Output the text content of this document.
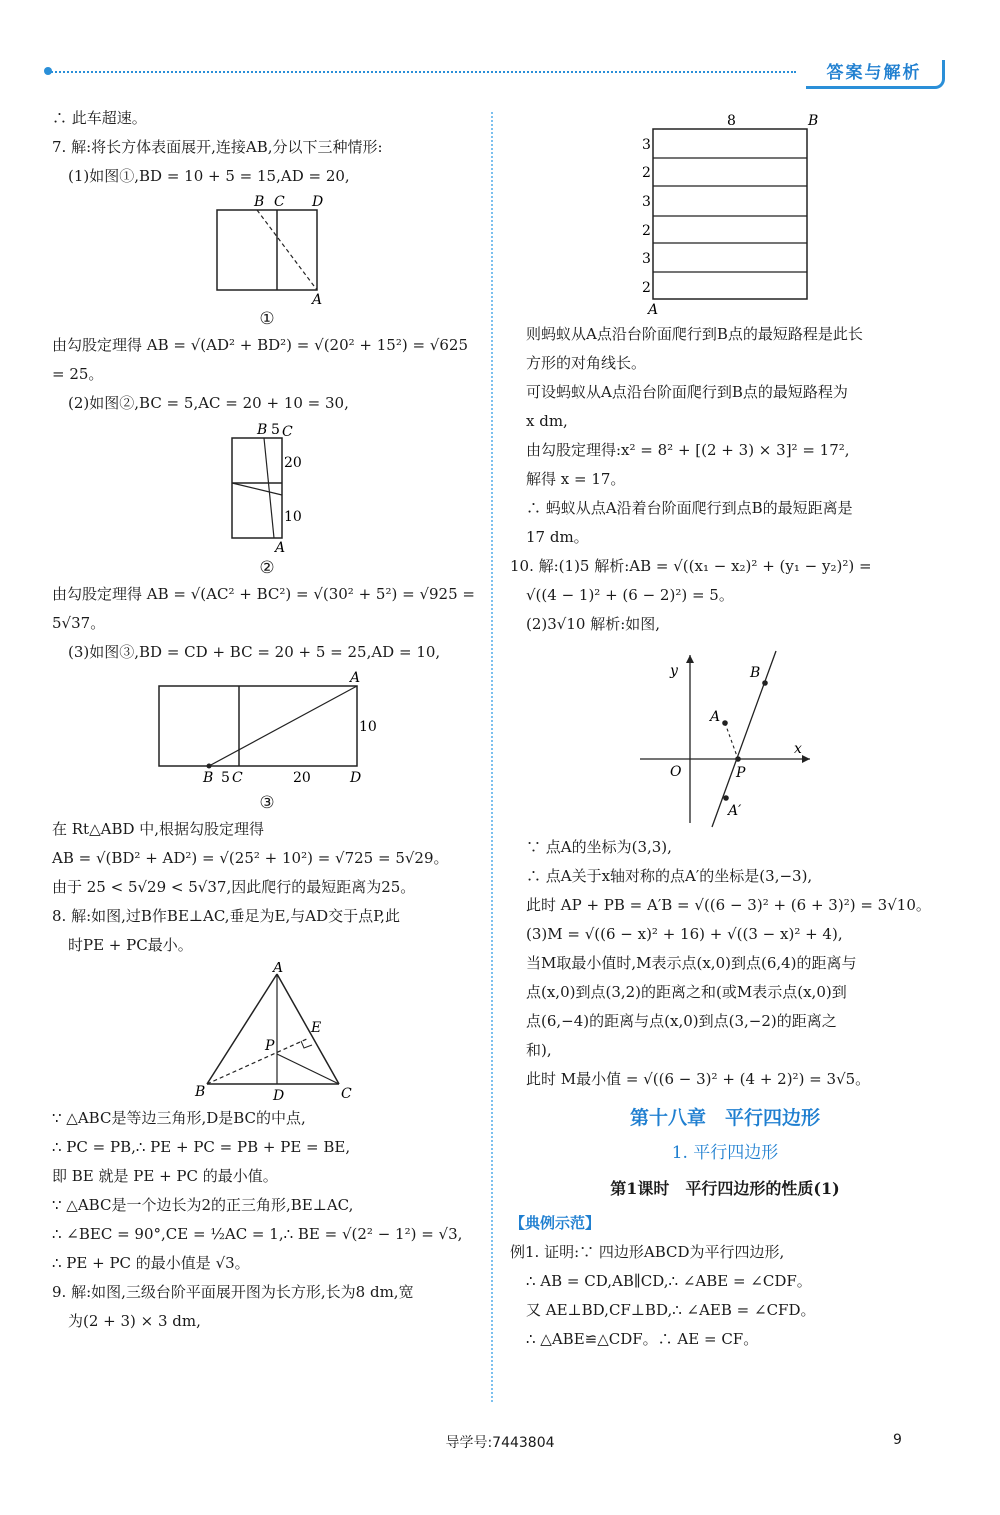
答案与解析
∴ 此车超速。
7. 解:将长方体表面展开,连接AB,分以下三种情形:
(1)如图①,BD = 10 + 5 = 15,AD = 20,
B C D
A
①
由勾股定理得 AB = √(AD² + BD²) = √(20² + 15²) = √625
= 25。
(2)如图②,BC = 5,AC = 20 + 10 = 30,
B 5 C
20
10
A
②
由勾股定理得 AB = √(AC² + BC²) = √(30² + 5²) = √925 =
5√37。
(3)如图③,BD = CD + BC = 20 + 5 = 25,AD = 10,
A
10
B 5 C	20	D
③
在 Rt△ABD 中,根据勾股定理得
AB = √(BD² + AD²) = √(25² + 10²) = √725 = 5√29。
由于 25 < 5√29 < 5√37,因此爬行的最短距离为25。
8. 解:如图,过B作BE⊥AC,垂足为E,与AD交于点P,此
时PE + PC最小。
A
E
P
B	D	C
∵ △ABC是等边三角形,D是BC的中点,
∴ PC = PB,∴ PE + PC = PB + PE = BE,
即 BE 就是 PE + PC 的最小值。
∵ △ABC是一个边长为2的正三角形,BE⊥AC,
∴ ∠BEC = 90°,CE = ½AC = 1,∴ BE = √(2² − 1²) = √3,
∴ PE + PC 的最小值是 √3。
9. 解:如图,三级台阶平面展开图为长方形,长为8 dm,宽
为(2 + 3) × 3 dm,
8	B
3
2
3
2
3
2
A
则蚂蚁从A点沿台阶面爬行到B点的最短路程是此长
方形的对角线长。
可设蚂蚁从A点沿台阶面爬行到B点的最短路程为
x dm,
由勾股定理得:x² = 8² + [(2 + 3) × 3]² = 17²,
解得 x = 17。
∴ 蚂蚁从点A沿着台阶面爬行到点B的最短距离是
17 dm。
10. 解:(1)5 解析:AB = √((x₁ − x₂)² + (y₁ − y₂)²) =
√((4 − 1)² + (6 − 2)²) = 5。
(2)3√10 解析:如图,
y	B
A
O	P
x
A′
∵ 点A的坐标为(3,3),
∴ 点A关于x轴对称的点A′的坐标是(3,−3),
此时 AP + PB = A′B = √((6 − 3)² + (6 + 3)²) = 3√10。
(3)M = √((6 − x)² + 16) + √((3 − x)² + 4),
当M取最小值时,M表示点(x,0)到点(6,4)的距离与
点(x,0)到点(3,2)的距离之和(或M表示点(x,0)到
点(6,−4)的距离与点(x,0)到点(3,−2)的距离之
和),
此时 M最小值 = √((6 − 3)² + (4 + 2)²) = 3√5。
第十八章　平行四边形
1. 平行四边形
第1课时　平行四边形的性质(1)
【典例示范】
例1. 证明:∵ 四边形ABCD为平行四边形,
∴ AB = CD,AB∥CD,∴ ∠ABE = ∠CDF。
又 AE⊥BD,CF⊥BD,∴ ∠AEB = ∠CFD。
∴ △ABE≌△CDF。∴ AE = CF。
导学号:7443804	9
